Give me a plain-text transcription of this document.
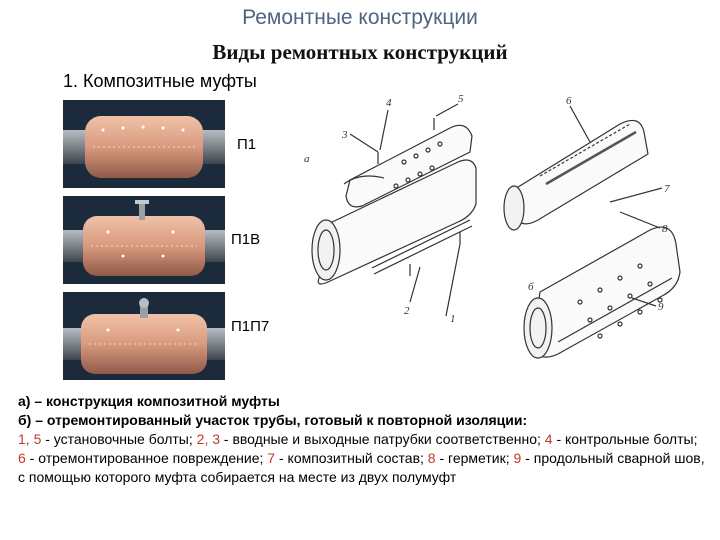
Ремонтные конструкции
Виды ремонтных конструкций
1. Композитные муфты
П1
П1В
П1П7
а
б
1
2
3
4	5	6
7
8
9
а) – конструкция композитной муфты
б) – отремонтированный участок трубы, готовый к повторной изоляции:
1, 5 - установочные болты; 2, 3 - вводные и выходные патрубки соответственно; 4 - контрольные болты; 6 - отремонтированное повреждение; 7 - композитный состав; 8 - герметик; 9 - продольный сварной шов, с помощью которого муфта собирается на месте из двух полумуфт
